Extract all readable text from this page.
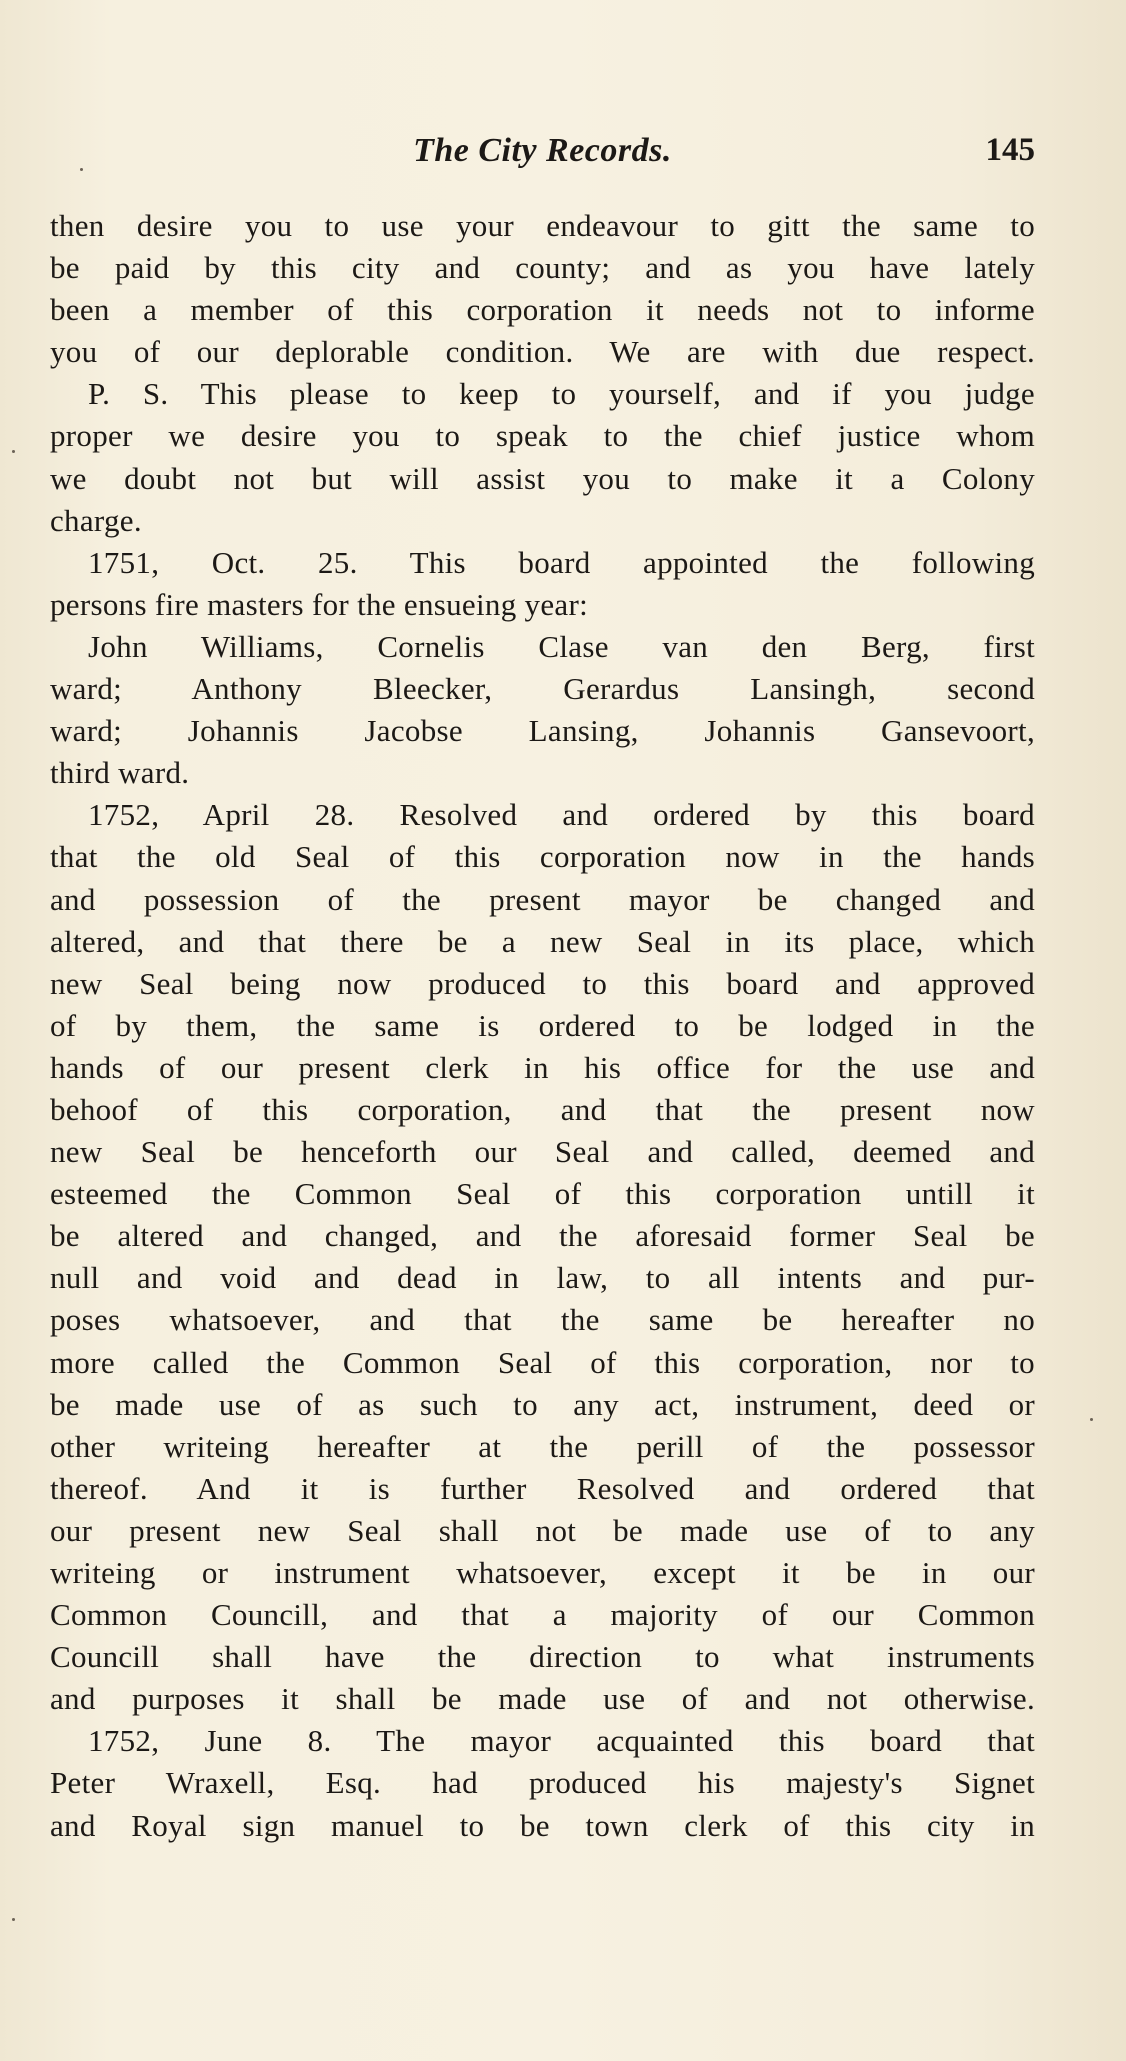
The City Records.	145
then desire you to use your endeavour to gitt the same to
be paid by this city and county; and as you have lately
been a member of this corporation it needs not to informe
you of our deplorable condition. We are with due respect.
P. S. This please to keep to yourself, and if you judge
proper we desire you to speak to the chief justice whom
we doubt not but will assist you to make it a Colony
charge.
1751, Oct. 25. This board appointed the following
persons fire masters for the ensueing year:
John Williams, Cornelis Clase van den Berg, first
ward; Anthony Bleecker, Gerardus Lansingh, second
ward; Johannis Jacobse Lansing, Johannis Gansevoort,
third ward.
1752, April 28. Resolved and ordered by this board
that the old Seal of this corporation now in the hands
and possession of the present mayor be changed and
altered, and that there be a new Seal in its place, which
new Seal being now produced to this board and approved
of by them, the same is ordered to be lodged in the
hands of our present clerk in his office for the use and
behoof of this corporation, and that the present now
new Seal be henceforth our Seal and called, deemed and
esteemed the Common Seal of this corporation untill it
be altered and changed, and the aforesaid former Seal be
null and void and dead in law, to all intents and pur-
poses whatsoever, and that the same be hereafter no
more called the Common Seal of this corporation, nor to
be made use of as such to any act, instrument, deed or
other writeing hereafter at the perill of the possessor
thereof. And it is further Resolved and ordered that
our present new Seal shall not be made use of to any
writeing or instrument whatsoever, except it be in our
Common Councill, and that a majority of our Common
Councill shall have the direction to what instruments
and purposes it shall be made use of and not otherwise.
1752, June 8. The mayor acquainted this board that
Peter Wraxell, Esq. had produced his majesty's Signet
and Royal sign manuel to be town clerk of this city in
